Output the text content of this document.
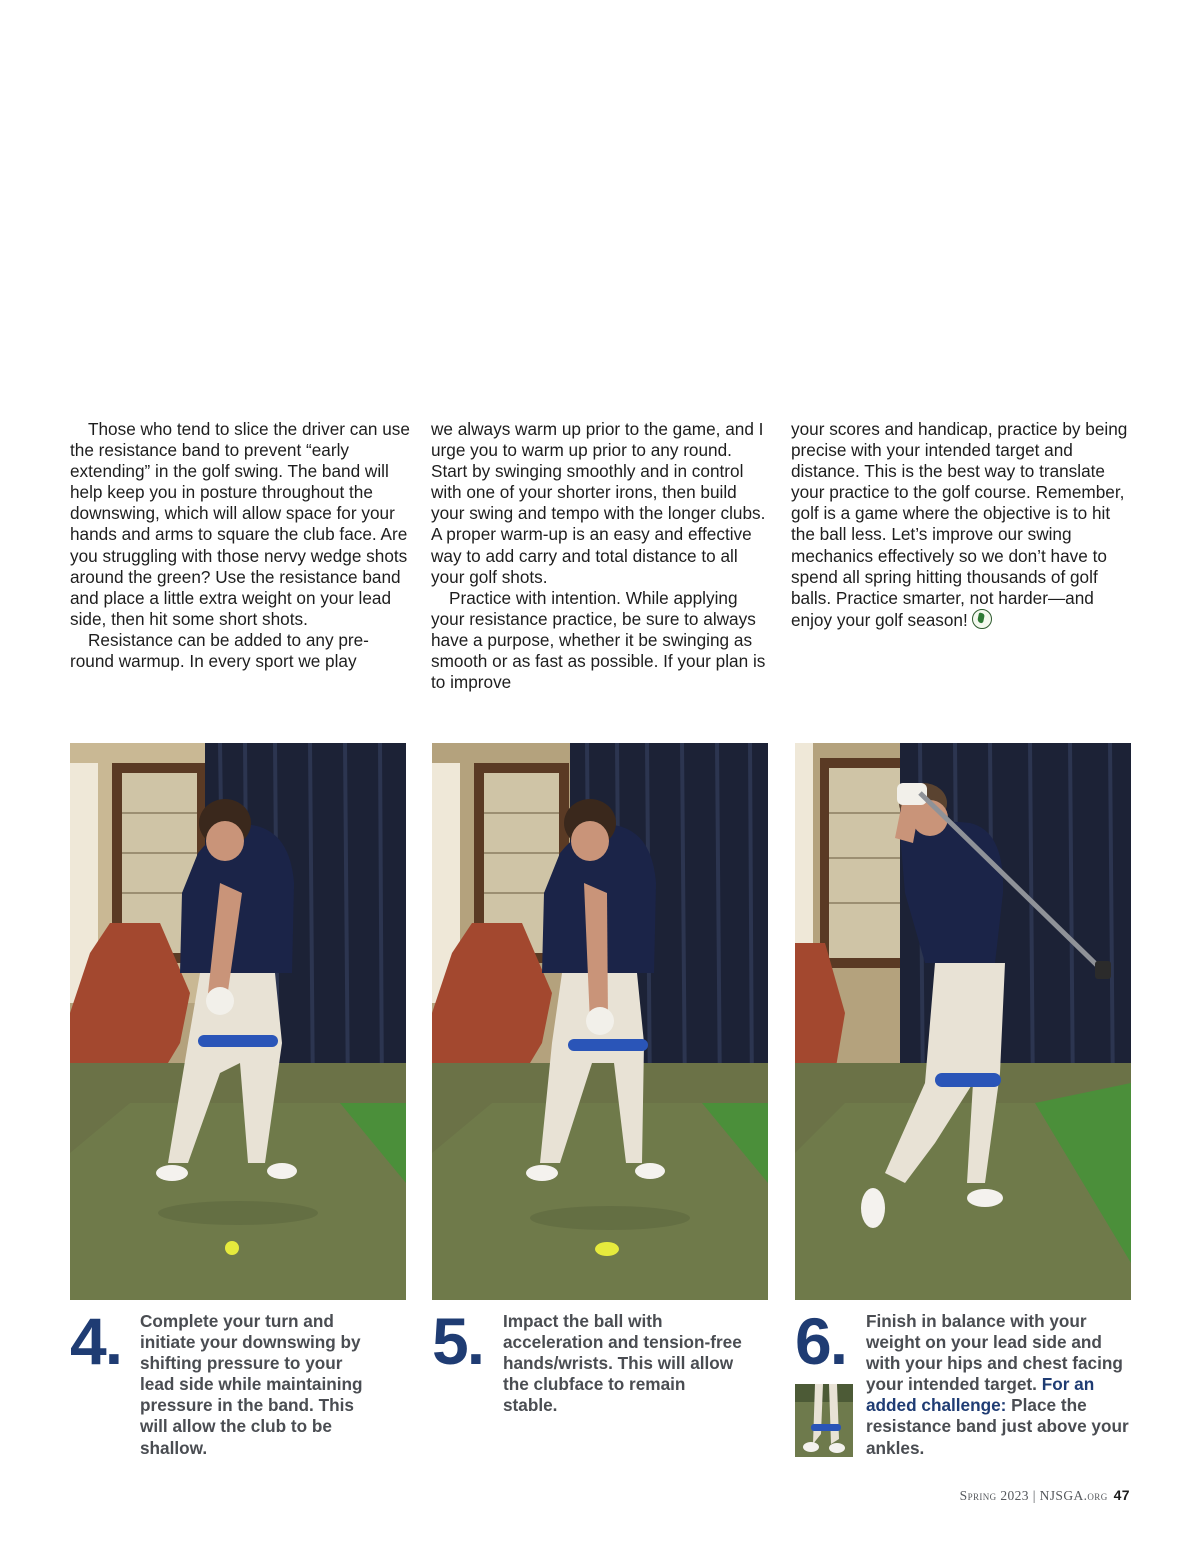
Those who tend to slice the driver can use the resistance band to prevent “early extending” in the golf swing. The band will help keep you in posture throughout the downswing, which will allow space for your hands and arms to square the club face. Are you struggling with those nervy wedge shots around the green? Use the resistance band and place a little extra weight on your lead side, then hit some short shots.

Resistance can be added to any pre-round warmup. In every sport we play

we always warm up prior to the game, and I urge you to warm up prior to any round. Start by swinging smoothly and in control with one of your shorter irons, then build your swing and tempo with the longer clubs. A proper warm-up is an easy and effective way to add carry and total distance to all your golf shots.

Practice with intention. While applying your resistance practice, be sure to always have a purpose, whether it be swinging as smooth or as fast as possible. If your plan is to improve

your scores and handicap, practice by being precise with your intended target and distance. This is the best way to translate your practice to the golf course. Remember, golf is a game where the objective is to hit the ball less. Let’s improve our swing mechanics effectively so we don’t have to spend all spring hitting thousands of golf balls. Practice smarter, not harder—and enjoy your golf season!

4. Complete your turn and initiate your downswing by shifting pressure to your lead side while maintaining pressure in the band. This will allow the club to be shallow.
5. Impact the ball with acceleration and tension-free hands/wrists. This will allow the clubface to remain stable.
6. Finish in balance with your weight on your lead side and with your hips and chest facing your intended target. For an added challenge: Place the resistance band just above your ankles.
Spring 2023 | NJSGA.org 47
